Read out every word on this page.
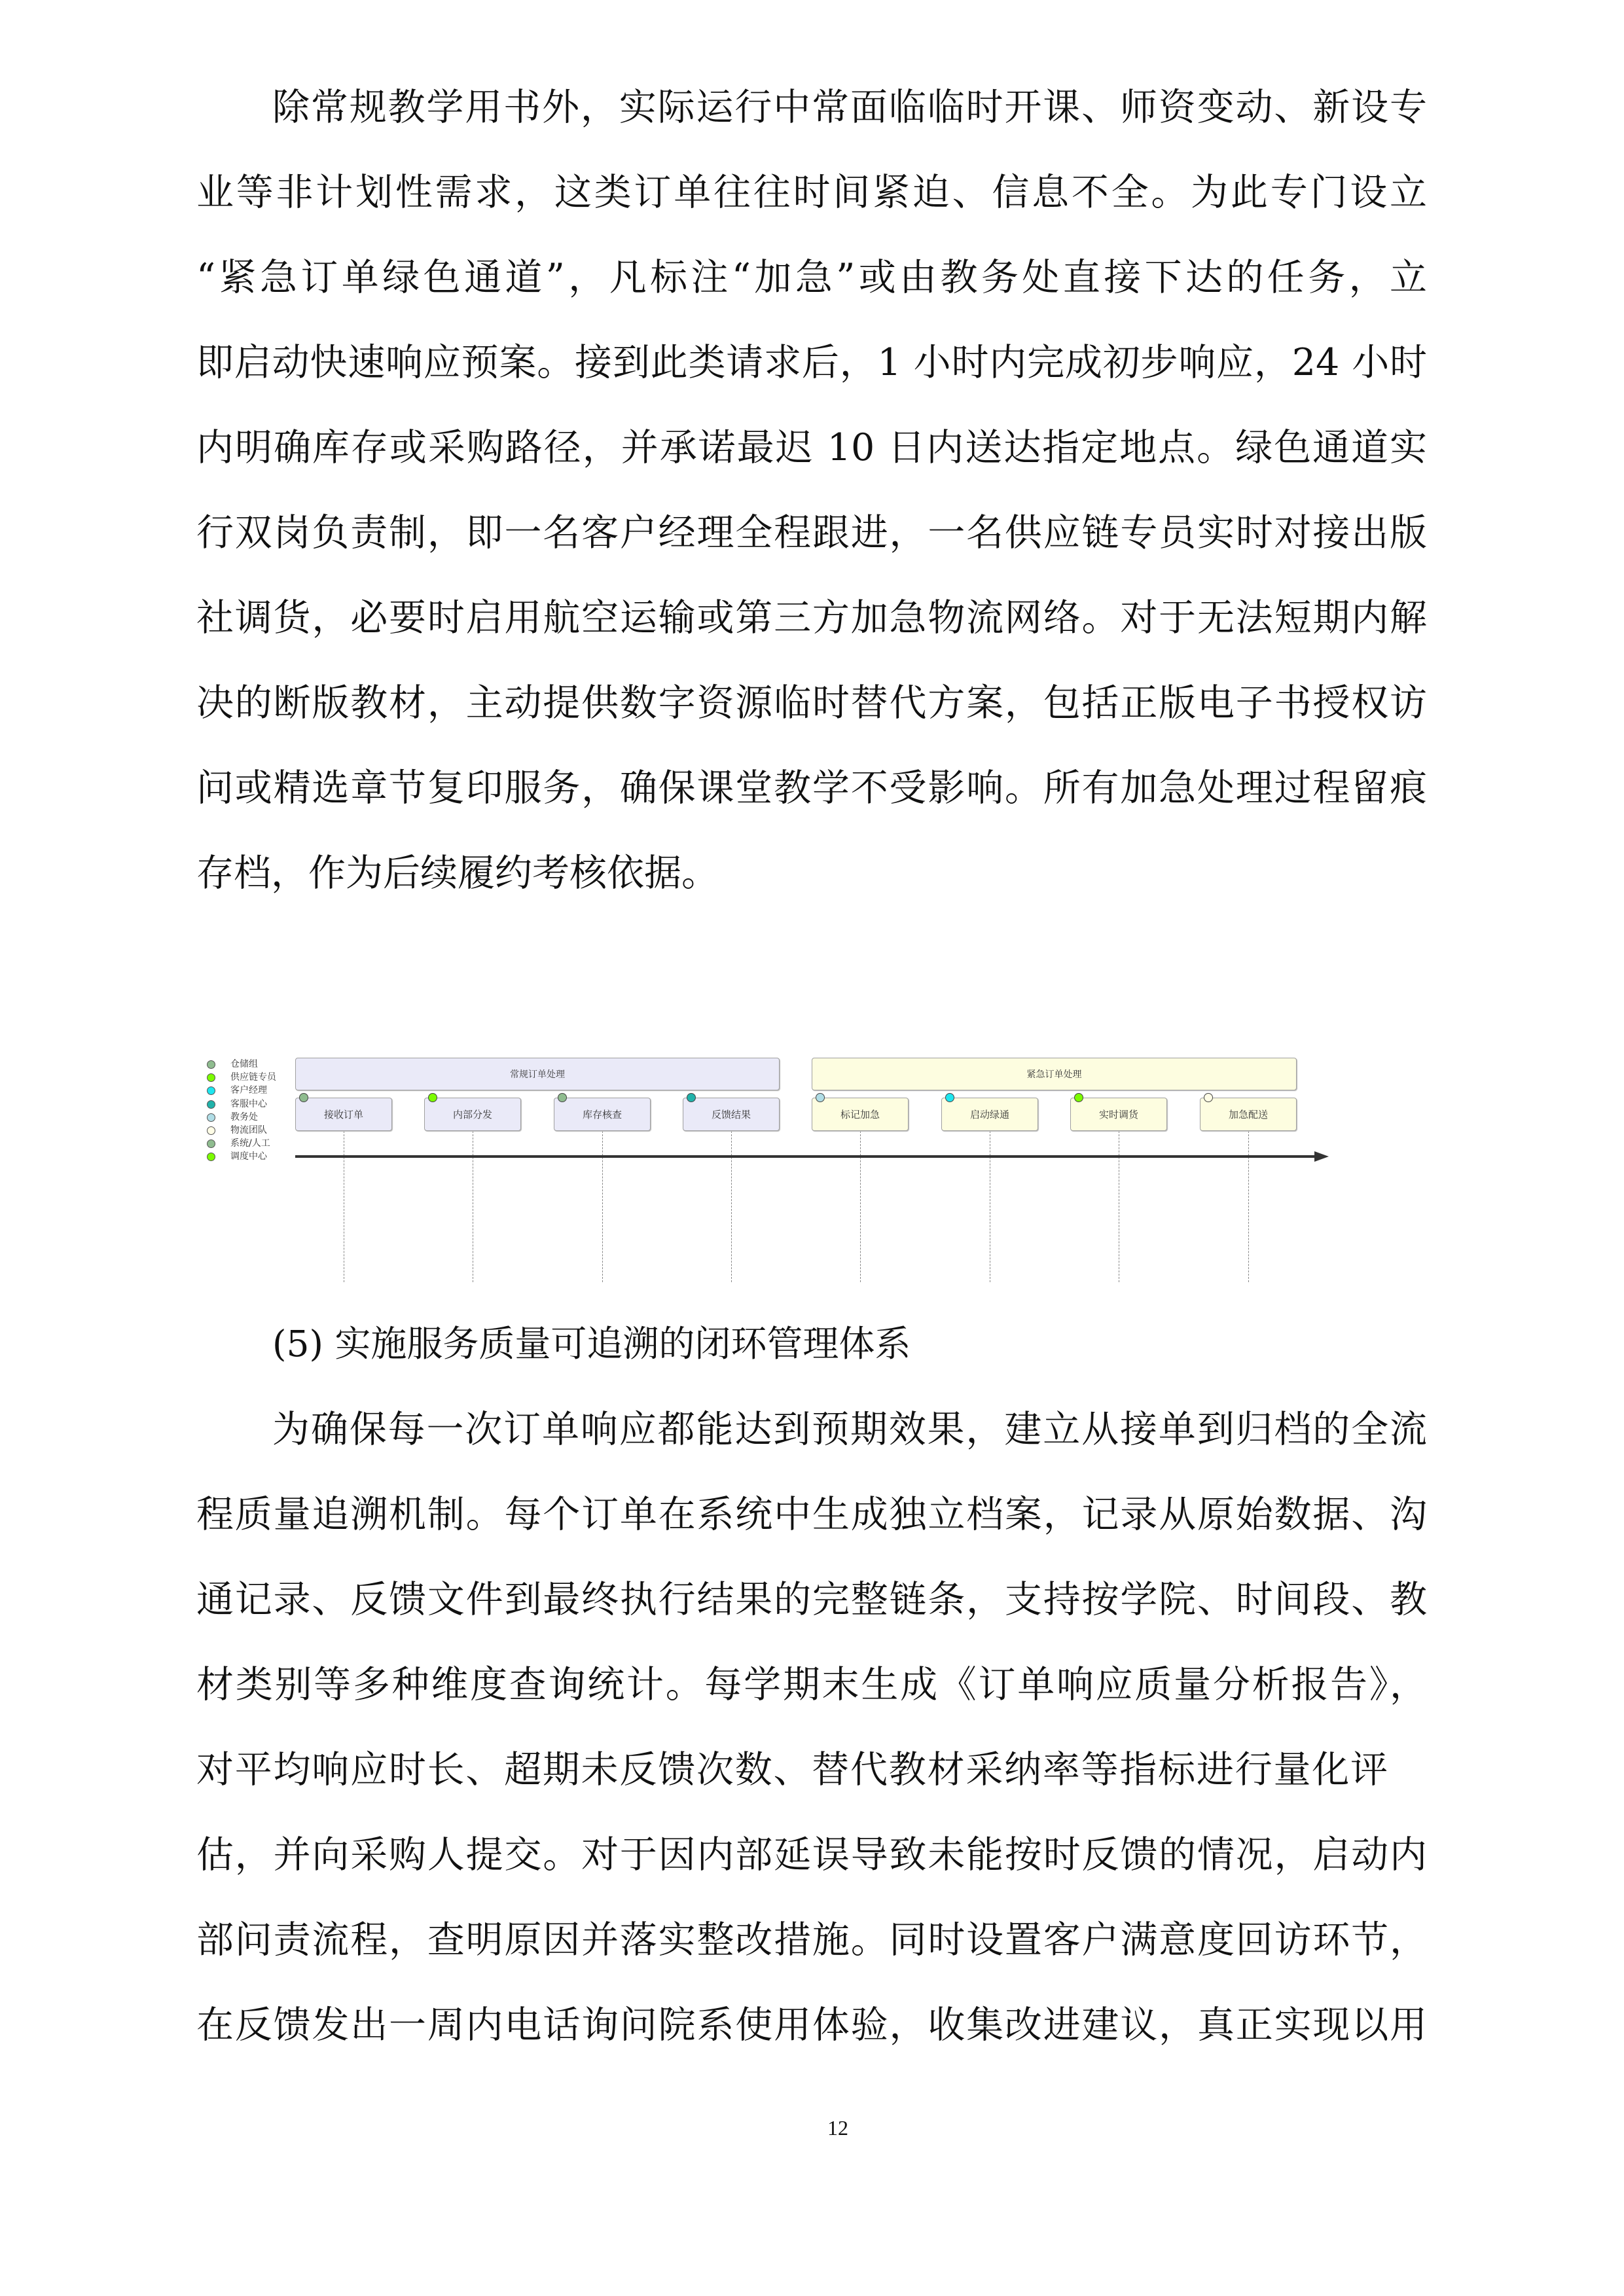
除常规教学用书外，实际运行中常面临临时开课、师资变动、新设专
业等非计划性需求，这类订单往往时间紧迫、信息不全。为此专门设立
“紧急订单绿色通道”，凡标注“加急”或由教务处直接下达的任务，立
即启动快速响应预案。接到此类请求后，1 小时内完成初步响应，24 小时
内明确库存或采购路径，并承诺最迟 10 日内送达指定地点。绿色通道实
行双岗负责制，即一名客户经理全程跟进，一名供应链专员实时对接出版
社调货，必要时启用航空运输或第三方加急物流网络。对于无法短期内解
决的断版教材，主动提供数字资源临时替代方案，包括正版电子书授权访
问或精选章节复印服务，确保课堂教学不受影响。所有加急处理过程留痕
存档，作为后续履约考核依据。
仓储组
供应链专员
客户经理
客服中心
教务处
物流团队
系统/人工
调度中心
常规订单处理
接收订单	内部分发	库存核查	反馈结果
紧急订单处理
标记加急	启动绿通	实时调货	加急配送
(5) 实施服务质量可追溯的闭环管理体系
为确保每一次订单响应都能达到预期效果，建立从接单到归档的全流
程质量追溯机制。每个订单在系统中生成独立档案，记录从原始数据、沟
通记录、反馈文件到最终执行结果的完整链条，支持按学院、时间段、教
材类别等多种维度查询统计。每学期末生成《订单响应质量分析报告》，
对平均响应时长、超期未反馈次数、替代教材采纳率等指标进行量化评
估，并向采购人提交。对于因内部延误导致未能按时反馈的情况，启动内
部问责流程，查明原因并落实整改措施。同时设置客户满意度回访环节，
在反馈发出一周内电话询问院系使用体验，收集改进建议，真正实现以用
12
